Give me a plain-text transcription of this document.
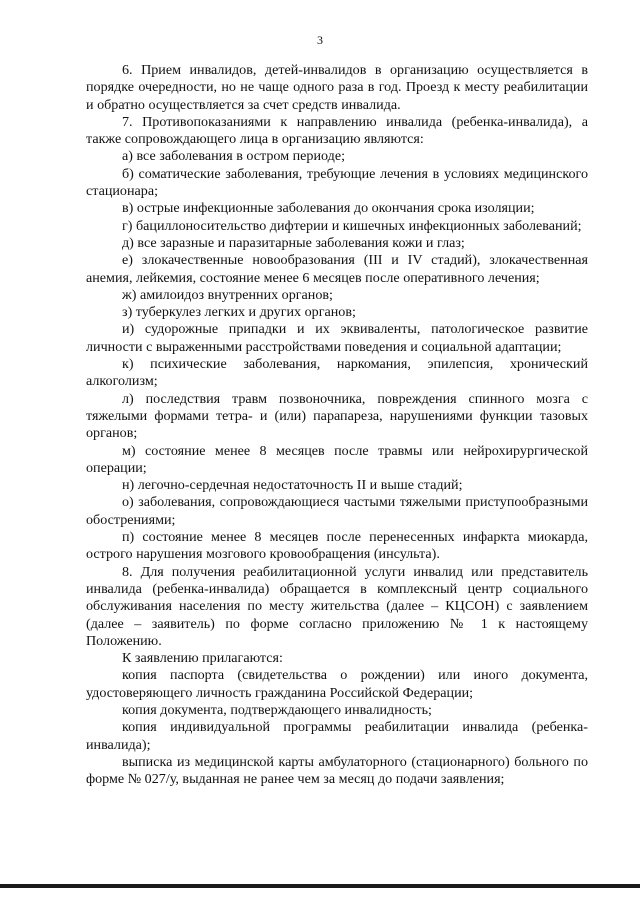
3

6. Прием инвалидов, детей-инвалидов в организацию осуществляется в порядке очередности, но не чаще одного раза в год. Проезд к месту реабилитации и обратно осуществляется за счет средств инвалида.

7. Противопоказаниями к направлению инвалида (ребенка-инвалида), а также сопровождающего лица в организацию являются:

а) все заболевания в остром периоде;

б) соматические заболевания, требующие лечения в условиях медицинского стационара;

в) острые инфекционные заболевания до окончания срока изоляции;

г) бациллоносительство дифтерии и кишечных инфекционных заболеваний;

д) все заразные и паразитарные заболевания кожи и глаз;

е) злокачественные новообразования (III и IV стадий), злокачественная анемия, лейкемия, состояние менее 6 месяцев после оперативного лечения;

ж) амилоидоз внутренних органов;

з) туберкулез легких и других органов;

и) судорожные припадки и их эквиваленты, патологическое развитие личности с выраженными расстройствами поведения и социальной адаптации;

к) психические заболевания, наркомания, эпилепсия, хронический алкоголизм;

л) последствия травм позвоночника, повреждения спинного мозга с тяжелыми формами тетра- и (или) парапареза, нарушениями функции тазовых органов;

м) состояние менее 8 месяцев после травмы или нейрохирургической операции;

н) легочно-сердечная недостаточность II и выше стадий;

о) заболевания, сопровождающиеся частыми тяжелыми приступообразными обострениями;

п) состояние менее 8 месяцев после перенесенных инфаркта миокарда, острого нарушения мозгового кровообращения (инсульта).

8. Для получения реабилитационной услуги инвалид или представитель инвалида (ребенка-инвалида) обращается в комплексный центр социального обслуживания населения по месту жительства (далее – КЦСОН) с заявлением (далее – заявитель) по форме согласно приложению № 1 к настоящему Положению.

К заявлению прилагаются:

копия паспорта (свидетельства о рождении) или иного документа, удостоверяющего личность гражданина Российской Федерации;

копия документа, подтверждающего инвалидность;

копия индивидуальной программы реабилитации инвалида (ребенка-инвалида);

выписка из медицинской карты амбулаторного (стационарного) больного по форме № 027/у, выданная не ранее чем за месяц до подачи заявления;
